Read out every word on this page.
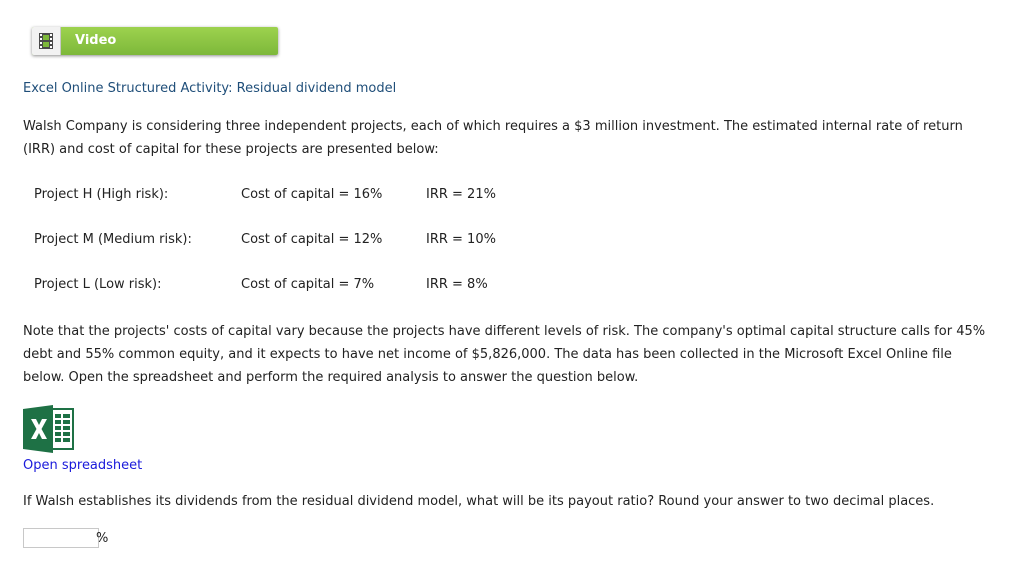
Video
Excel Online Structured Activity: Residual dividend model

Walsh Company is considering three independent projects, each of which requires a $3 million investment. The estimated internal rate of return (IRR) and cost of capital for these projects are presented below:

Project H (High risk):	Cost of capital = 16%	IRR = 21%
Project M (Medium risk):	Cost of capital = 12%	IRR = 10%
Project L (Low risk):	Cost of capital = 7%	IRR = 8%

Note that the projects' costs of capital vary because the projects have different levels of risk. The company's optimal capital structure calls for 45% debt and 55% common equity, and it expects to have net income of $5,826,000. The data has been collected in the Microsoft Excel Online file below. Open the spreadsheet and perform the required analysis to answer the question below.

Open spreadsheet
If Walsh establishes its dividends from the residual dividend model, what will be its payout ratio? Round your answer to two decimal places.
%
